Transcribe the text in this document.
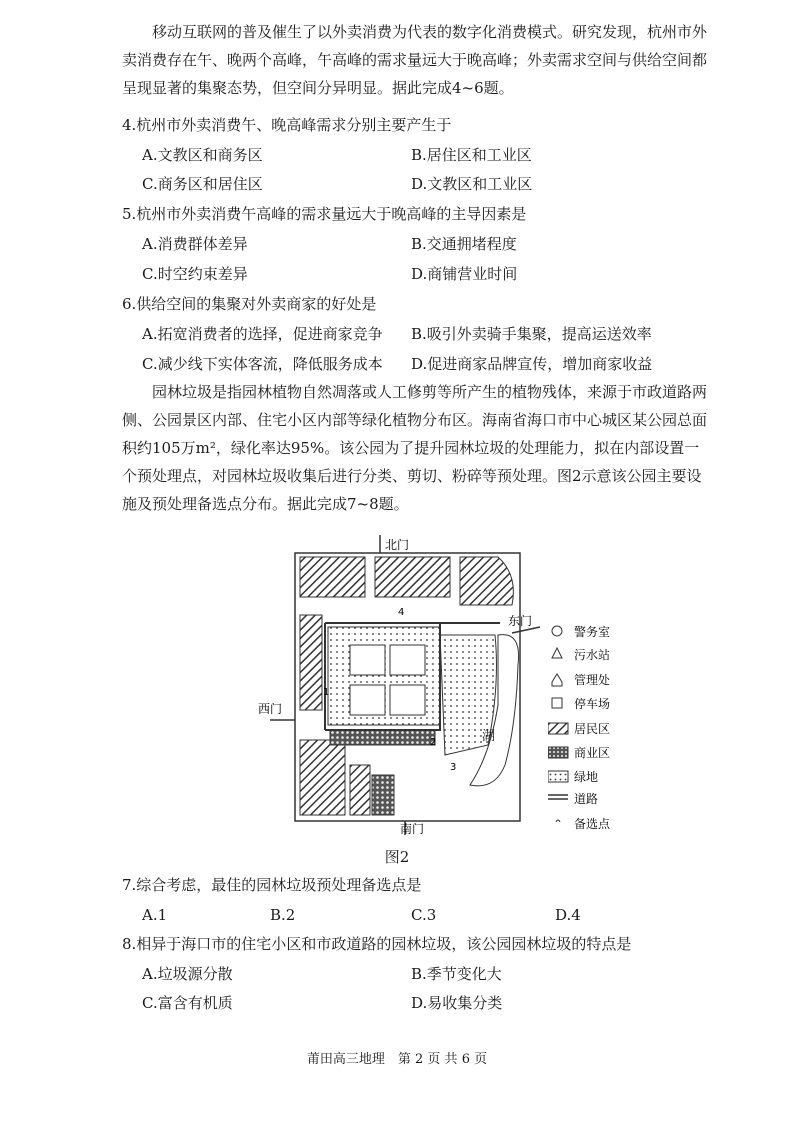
移动互联网的普及催生了以外卖消费为代表的数字化消费模式。研究发现，杭州市外卖消费存在午、晚两个高峰，午高峰的需求量远大于晚高峰；外卖需求空间与供给空间都呈现显著的集聚态势，但空间分异明显。据此完成4~6题。

4.杭州市外卖消费午、晚高峰需求分别主要产生于
A.文教区和商务区	B.居住区和工业区
C.商务区和居住区	D.文教区和工业区
5.杭州市外卖消费午高峰的需求量远大于晚高峰的主导因素是
A.消费群体差异	B.交通拥堵程度
C.时空约束差异	D.商铺营业时间
6.供给空间的集聚对外卖商家的好处是
A.拓宽消费者的选择，促进商家竞争 B.吸引外卖骑手集聚，提高运送效率
C.减少线下实体客流，降低服务成本 D.促进商家品牌宣传，增加商家收益

园林垃圾是指园林植物自然凋落或人工修剪等所产生的植物残体，来源于市政道路两侧、公园景区内部、住宅小区内部等绿化植物分布区。海南省海口市中心城区某公园总面积约105万m²，绿化率达95%。该公园为了提升园林垃圾的处理能力，拟在内部设置一个预处理点，对园林垃圾收集后进行分类、剪切、粉碎等预处理。图2示意该公园主要设施及预处理备选点分布。据此完成7~8题。

湖
北门
东门
西门
南门
1
2
3
4
警务室
污水站
管理处
停车场
居民区
商业区
绿地
道路
备选点
图2
7.综合考虑，最佳的园林垃圾预处理备选点是
A.1	B.2	C.3	D.4
8.相异于海口市的住宅小区和市政道路的园林垃圾，该公园园林垃圾的特点是
A.垃圾源分散	B.季节变化大
C.富含有机质	D.易收集分类
莆田高三地理　第 2 页 共 6 页
